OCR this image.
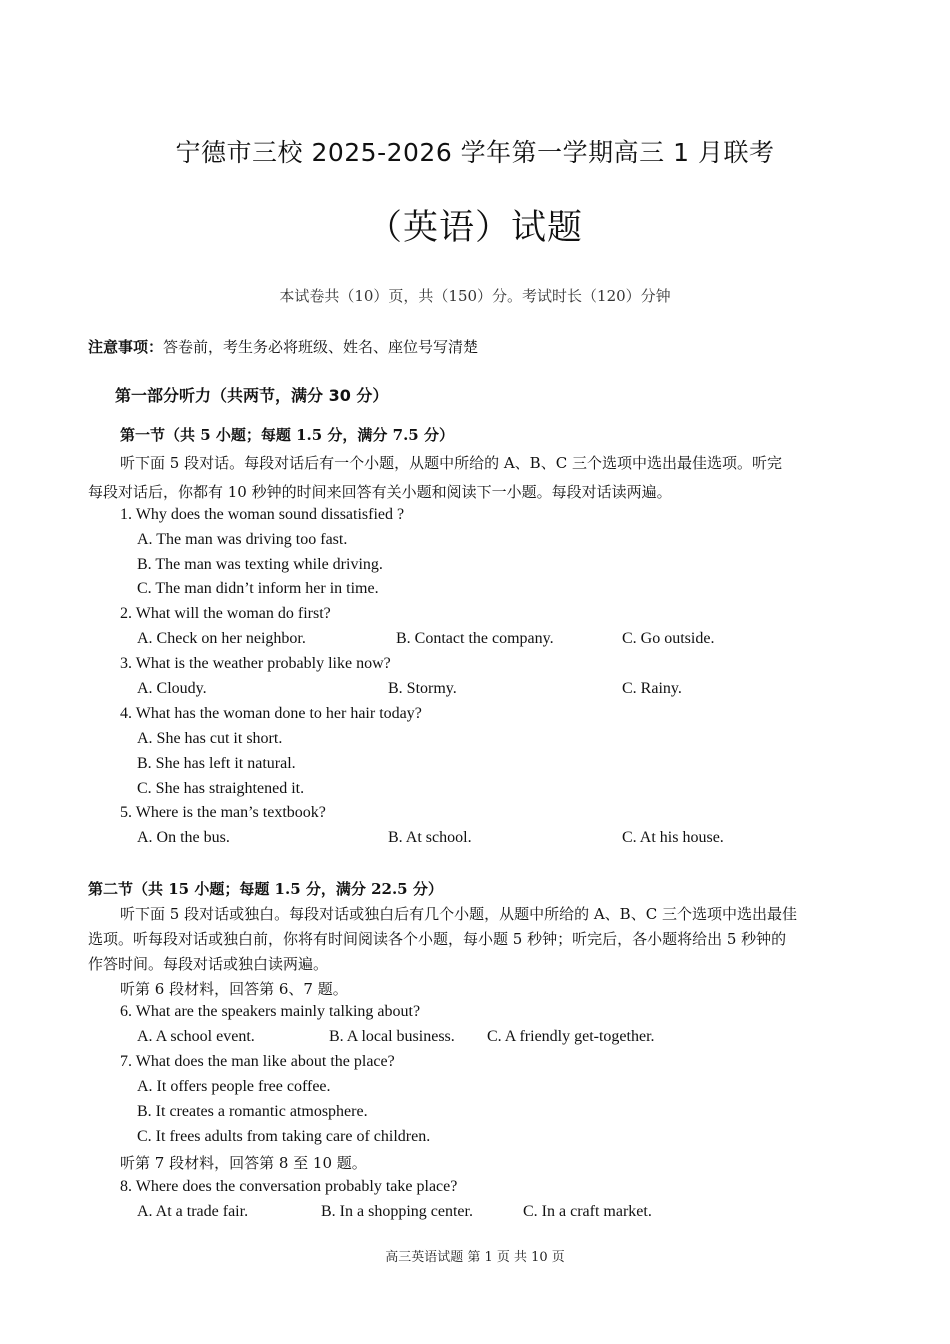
宁德市三校 2025-2026 学年第一学期高三 1 月联考
（英语）试题
本试卷共（10）页，共（150）分。考试时长（120）分钟
注意事项：答卷前，考生务必将班级、姓名、座位号写清楚
第一部分听力（共两节，满分 30 分）
第一节（共 5 小题；每题 1.5 分，满分 7.5 分）
听下面 5 段对话。每段对话后有一个小题，从题中所给的 A、B、C 三个选项中选出最佳选项。听完
每段对话后，你都有 10 秒钟的时间来回答有关小题和阅读下一小题。每段对话读两遍。
1. Why does the woman sound dissatisfied ?
A. The man was driving too fast.
B. The man was texting while driving.
C. The man didn’t inform her in time.
2. What will the woman do first?
A. Check on her neighbor.	B. Contact the company.	C. Go outside.
3. What is the weather probably like now?
A. Cloudy.	B. Stormy.	C. Rainy.
4. What has the woman done to her hair today?
A. She has cut it short.
B. She has left it natural.
C. She has straightened it.
5. Where is the man’s textbook?
A. On the bus.	B. At school.	C. At his house.
第二节（共 15 小题；每题 1.5 分，满分 22.5 分）
听下面 5 段对话或独白。每段对话或独白后有几个小题，从题中所给的 A、B、C 三个选项中选出最佳
选项。听每段对话或独白前，你将有时间阅读各个小题，每小题 5 秒钟；听完后，各小题将给出 5 秒钟的
作答时间。每段对话或独白读两遍。
听第 6 段材料，回答第 6、7 题。
6. What are the speakers mainly talking about?
A. A school event.	B. A local business. C. A friendly get-together.
7. What does the man like about the place?
A. It offers people free coffee.
B. It creates a romantic atmosphere.
C. It frees adults from taking care of children.
听第 7 段材料，回答第 8 至 10 题。
8. Where does the conversation probably take place?
A. At a trade fair.	B. In a shopping center.	C. In a craft market.
高三英语试题 第 1 页 共 10 页
